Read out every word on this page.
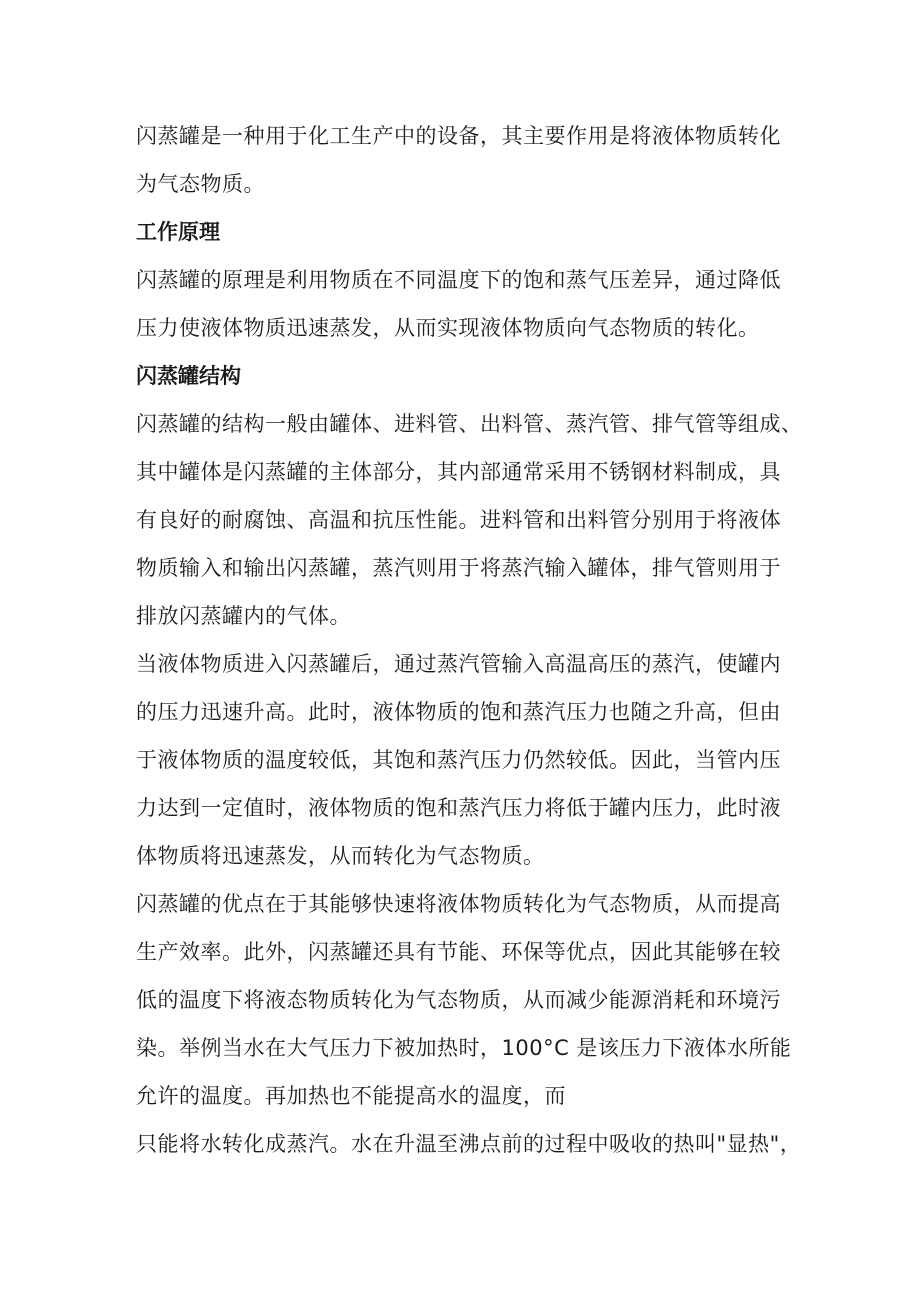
闪蒸罐是一种用于化工生产中的设备，其主要作用是将液体物质转化
为气态物质。
工作原理
闪蒸罐的原理是利用物质在不同温度下的饱和蒸气压差异，通过降低
压力使液体物质迅速蒸发，从而实现液体物质向气态物质的转化。
闪蒸罐结构
闪蒸罐的结构一般由罐体、进料管、出料管、蒸汽管、排气管等组成、
其中罐体是闪蒸罐的主体部分，其内部通常采用不锈钢材料制成，具
有良好的耐腐蚀、高温和抗压性能。进料管和出料管分别用于将液体
物质输入和输出闪蒸罐，蒸汽则用于将蒸汽输入罐体，排气管则用于
排放闪蒸罐内的气体。
当液体物质进入闪蒸罐后，通过蒸汽管输入高温高压的蒸汽，使罐内
的压力迅速升高。此时，液体物质的饱和蒸汽压力也随之升高，但由
于液体物质的温度较低，其饱和蒸汽压力仍然较低。因此，当管内压
力达到一定值时，液体物质的饱和蒸汽压力将低于罐内压力，此时液
体物质将迅速蒸发，从而转化为气态物质。
闪蒸罐的优点在于其能够快速将液体物质转化为气态物质，从而提高
生产效率。此外，闪蒸罐还具有节能、环保等优点，因此其能够在较
低的温度下将液态物质转化为气态物质，从而减少能源消耗和环境污
染。举例当水在大气压力下被加热时，100°C 是该压力下液体水所能
允许的温度。再加热也不能提高水的温度，而
只能将水转化成蒸汽。水在升温至沸点前的过程中吸收的热叫"显热"，
